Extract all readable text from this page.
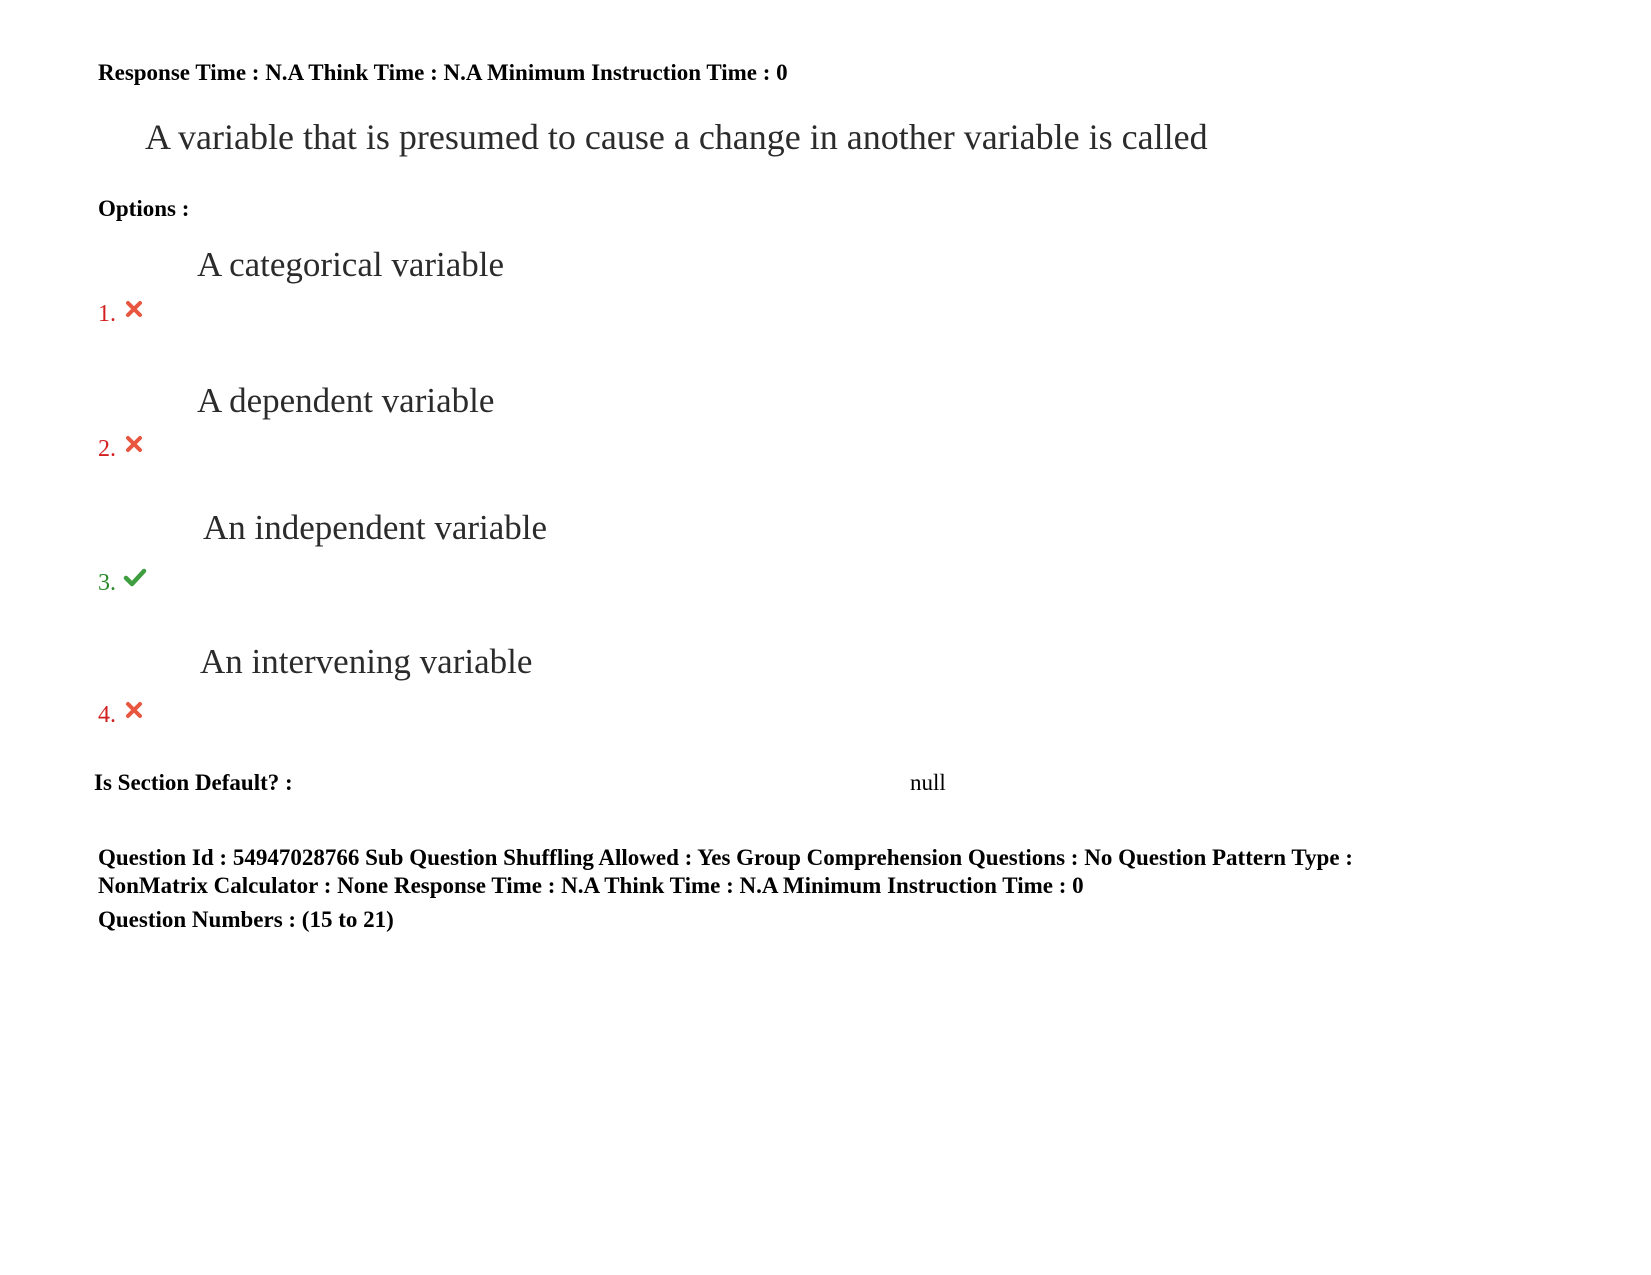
Response Time : N.A Think Time : N.A Minimum Instruction Time : 0
A variable that is presumed to cause a change in another variable is called
Options :
A categorical variable
1.
A dependent variable
2.
An independent variable
3.
An intervening variable
4.
Is Section Default? :	null
Question Id : 54947028766 Sub Question Shuffling Allowed : Yes Group Comprehension Questions : No Question Pattern Type :
NonMatrix Calculator : None Response Time : N.A Think Time : N.A Minimum Instruction Time : 0
Question Numbers : (15 to 21)
